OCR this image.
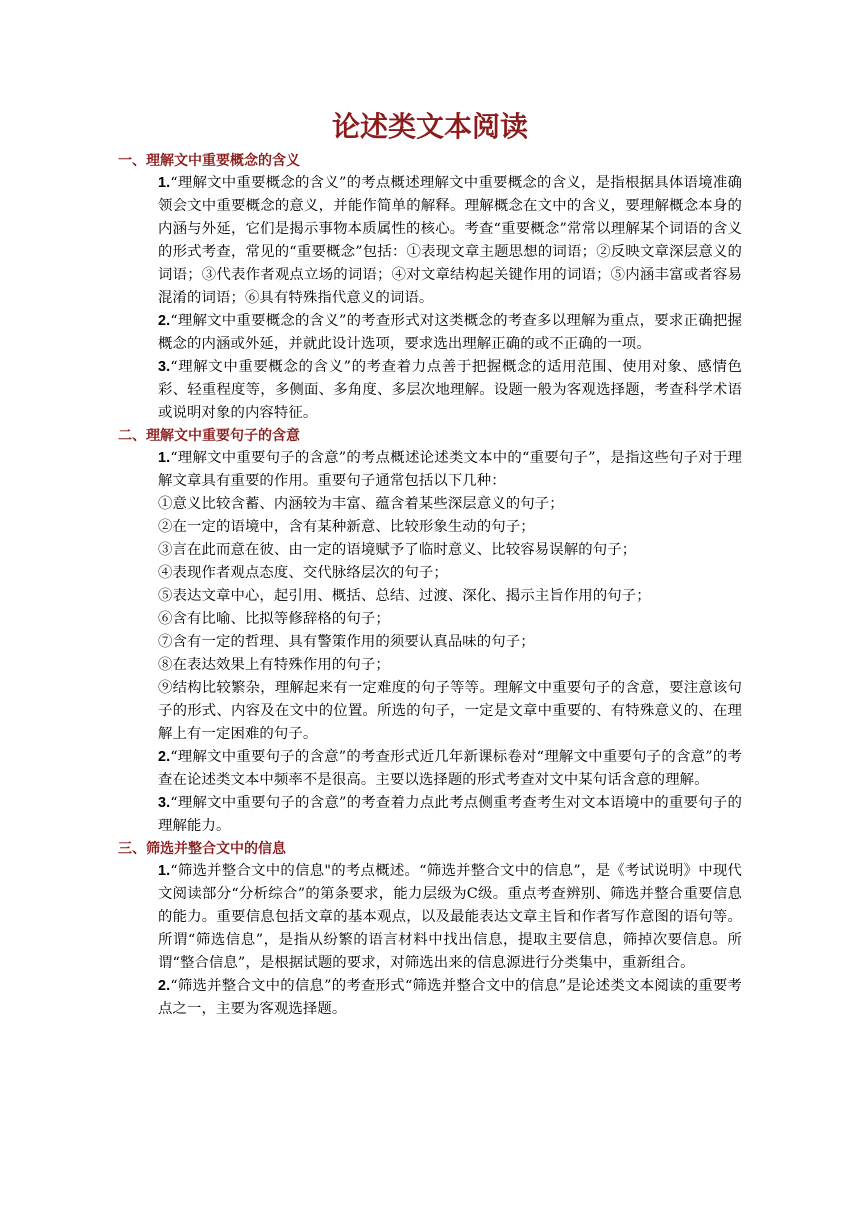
论述类文本阅读
一、理解文中重要概念的含义

1.“理解文中重要概念的含义”的考点概述理解文中重要概念的含义，是指根据具体语境准确领会文中重要概念的意义，并能作简单的解释。理解概念在文中的含义，要理解概念本身的内涵与外延，它们是揭示事物本质属性的核心。考查“重要概念”常常以理解某个词语的含义的形式考查，常见的“重要概念”包括：①表现文章主题思想的词语；②反映文章深层意义的词语；③代表作者观点立场的词语；④对文章结构起关键作用的词语；⑤内涵丰富或者容易混淆的词语；⑥具有特殊指代意义的词语。

2.“理解文中重要概念的含义”的考查形式对这类概念的考查多以理解为重点，要求正确把握概念的内涵或外延，并就此设计选项，要求选出理解正确的或不正确的一项。

3.“理解文中重要概念的含义”的考查着力点善于把握概念的适用范围、使用对象、感情色彩、轻重程度等，多侧面、多角度、多层次地理解。设题一般为客观选择题，考查科学术语或说明对象的内容特征。

二、理解文中重要句子的含意

1.“理解文中重要句子的含意”的考点概述论述类文本中的“重要句子”，是指这些句子对于理解文章具有重要的作用。重要句子通常包括以下几种：

①意义比较含蓄、内涵较为丰富、蕴含着某些深层意义的句子；

②在一定的语境中，含有某种新意、比较形象生动的句子；

③言在此而意在彼、由一定的语境赋予了临时意义、比较容易误解的句子；

④表现作者观点态度、交代脉络层次的句子；

⑤表达文章中心，起引用、概括、总结、过渡、深化、揭示主旨作用的句子；

⑥含有比喻、比拟等修辞格的句子；

⑦含有一定的哲理、具有警策作用的须要认真品味的句子；

⑧在表达效果上有特殊作用的句子；

⑨结构比较繁杂，理解起来有一定难度的句子等等。理解文中重要句子的含意，要注意该句子的形式、内容及在文中的位置。所选的句子，一定是文章中重要的、有特殊意义的、在理解上有一定困难的句子。

2.“理解文中重要句子的含意”的考查形式近几年新课标卷对“理解文中重要句子的含意”的考查在论述类文本中频率不是很高。主要以选择题的形式考查对文中某句话含意的理解。

3.“理解文中重要句子的含意”的考查着力点此考点侧重考查考生对文本语境中的重要句子的理解能力。

三、筛选并整合文中的信息

1.“筛选并整合文中的信息"的考点概述。“筛选并整合文中的信息”，是《考试说明》中现代文阅读部分“分析综合”的第条要求，能力层级为C级。重点考查辨别、筛选并整合重要信息的能力。重要信息包括文章的基本观点，以及最能表达文章主旨和作者写作意图的语句等。所谓“筛选信息”，是指从纷繁的语言材料中找出信息，提取主要信息，筛掉次要信息。所谓“整合信息”，是根据试题的要求，对筛选出来的信息源进行分类集中，重新组合。

2.“筛选并整合文中的信息”的考查形式“筛选并整合文中的信息”是论述类文本阅读的重要考点之一，主要为客观选择题。
